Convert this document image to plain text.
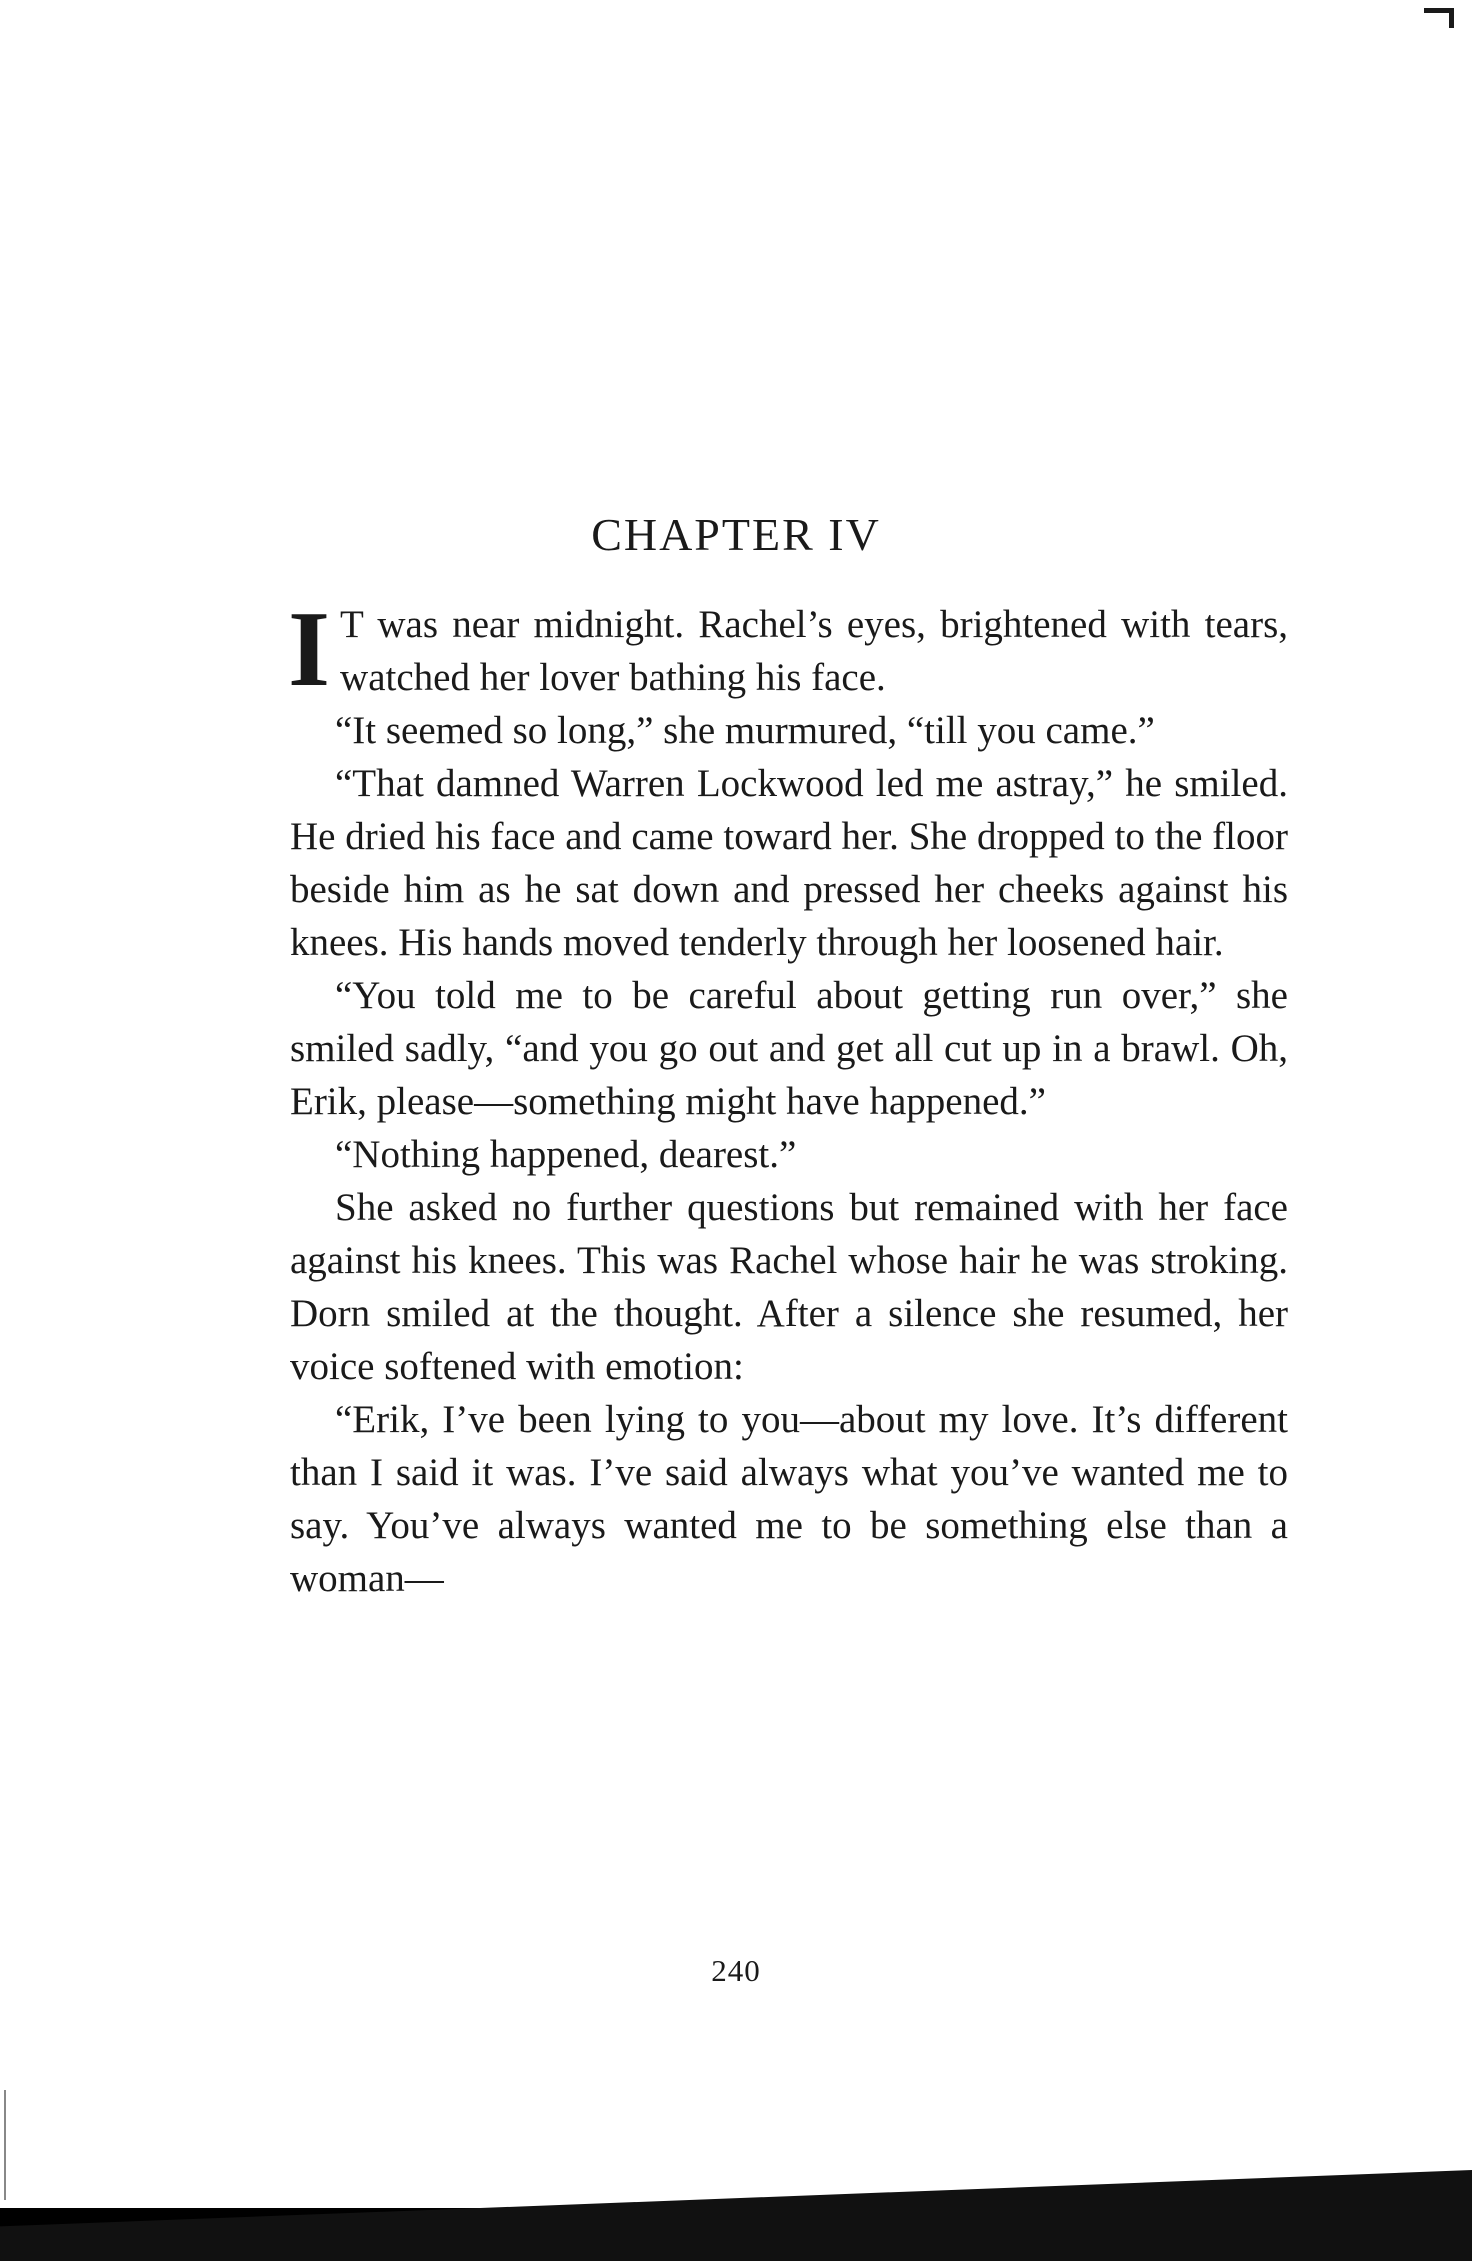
CHAPTER IV

I T was near midnight. Rachel’s eyes, brightened with tears, watched her lover bathing his face.

“It seemed so long,” she murmured, “till you came.”

“That damned Warren Lockwood led me astray,” he smiled. He dried his face and came toward her. She dropped to the floor beside him as he sat down and pressed her cheeks against his knees. His hands moved tenderly through her loosened hair.

“You told me to be careful about getting run over,” she smiled sadly, “and you go out and get all cut up in a brawl. Oh, Erik, please—something might have happened.”

“Nothing happened, dearest.”

She asked no further questions but remained with her face against his knees. This was Rachel whose hair he was stroking. Dorn smiled at the thought. After a silence she resumed, her voice softened with emotion:

“Erik, I’ve been lying to you—about my love. It’s different than I said it was. I’ve said always what you’ve wanted me to say. You’ve always wanted me to be something else than a woman—

240
